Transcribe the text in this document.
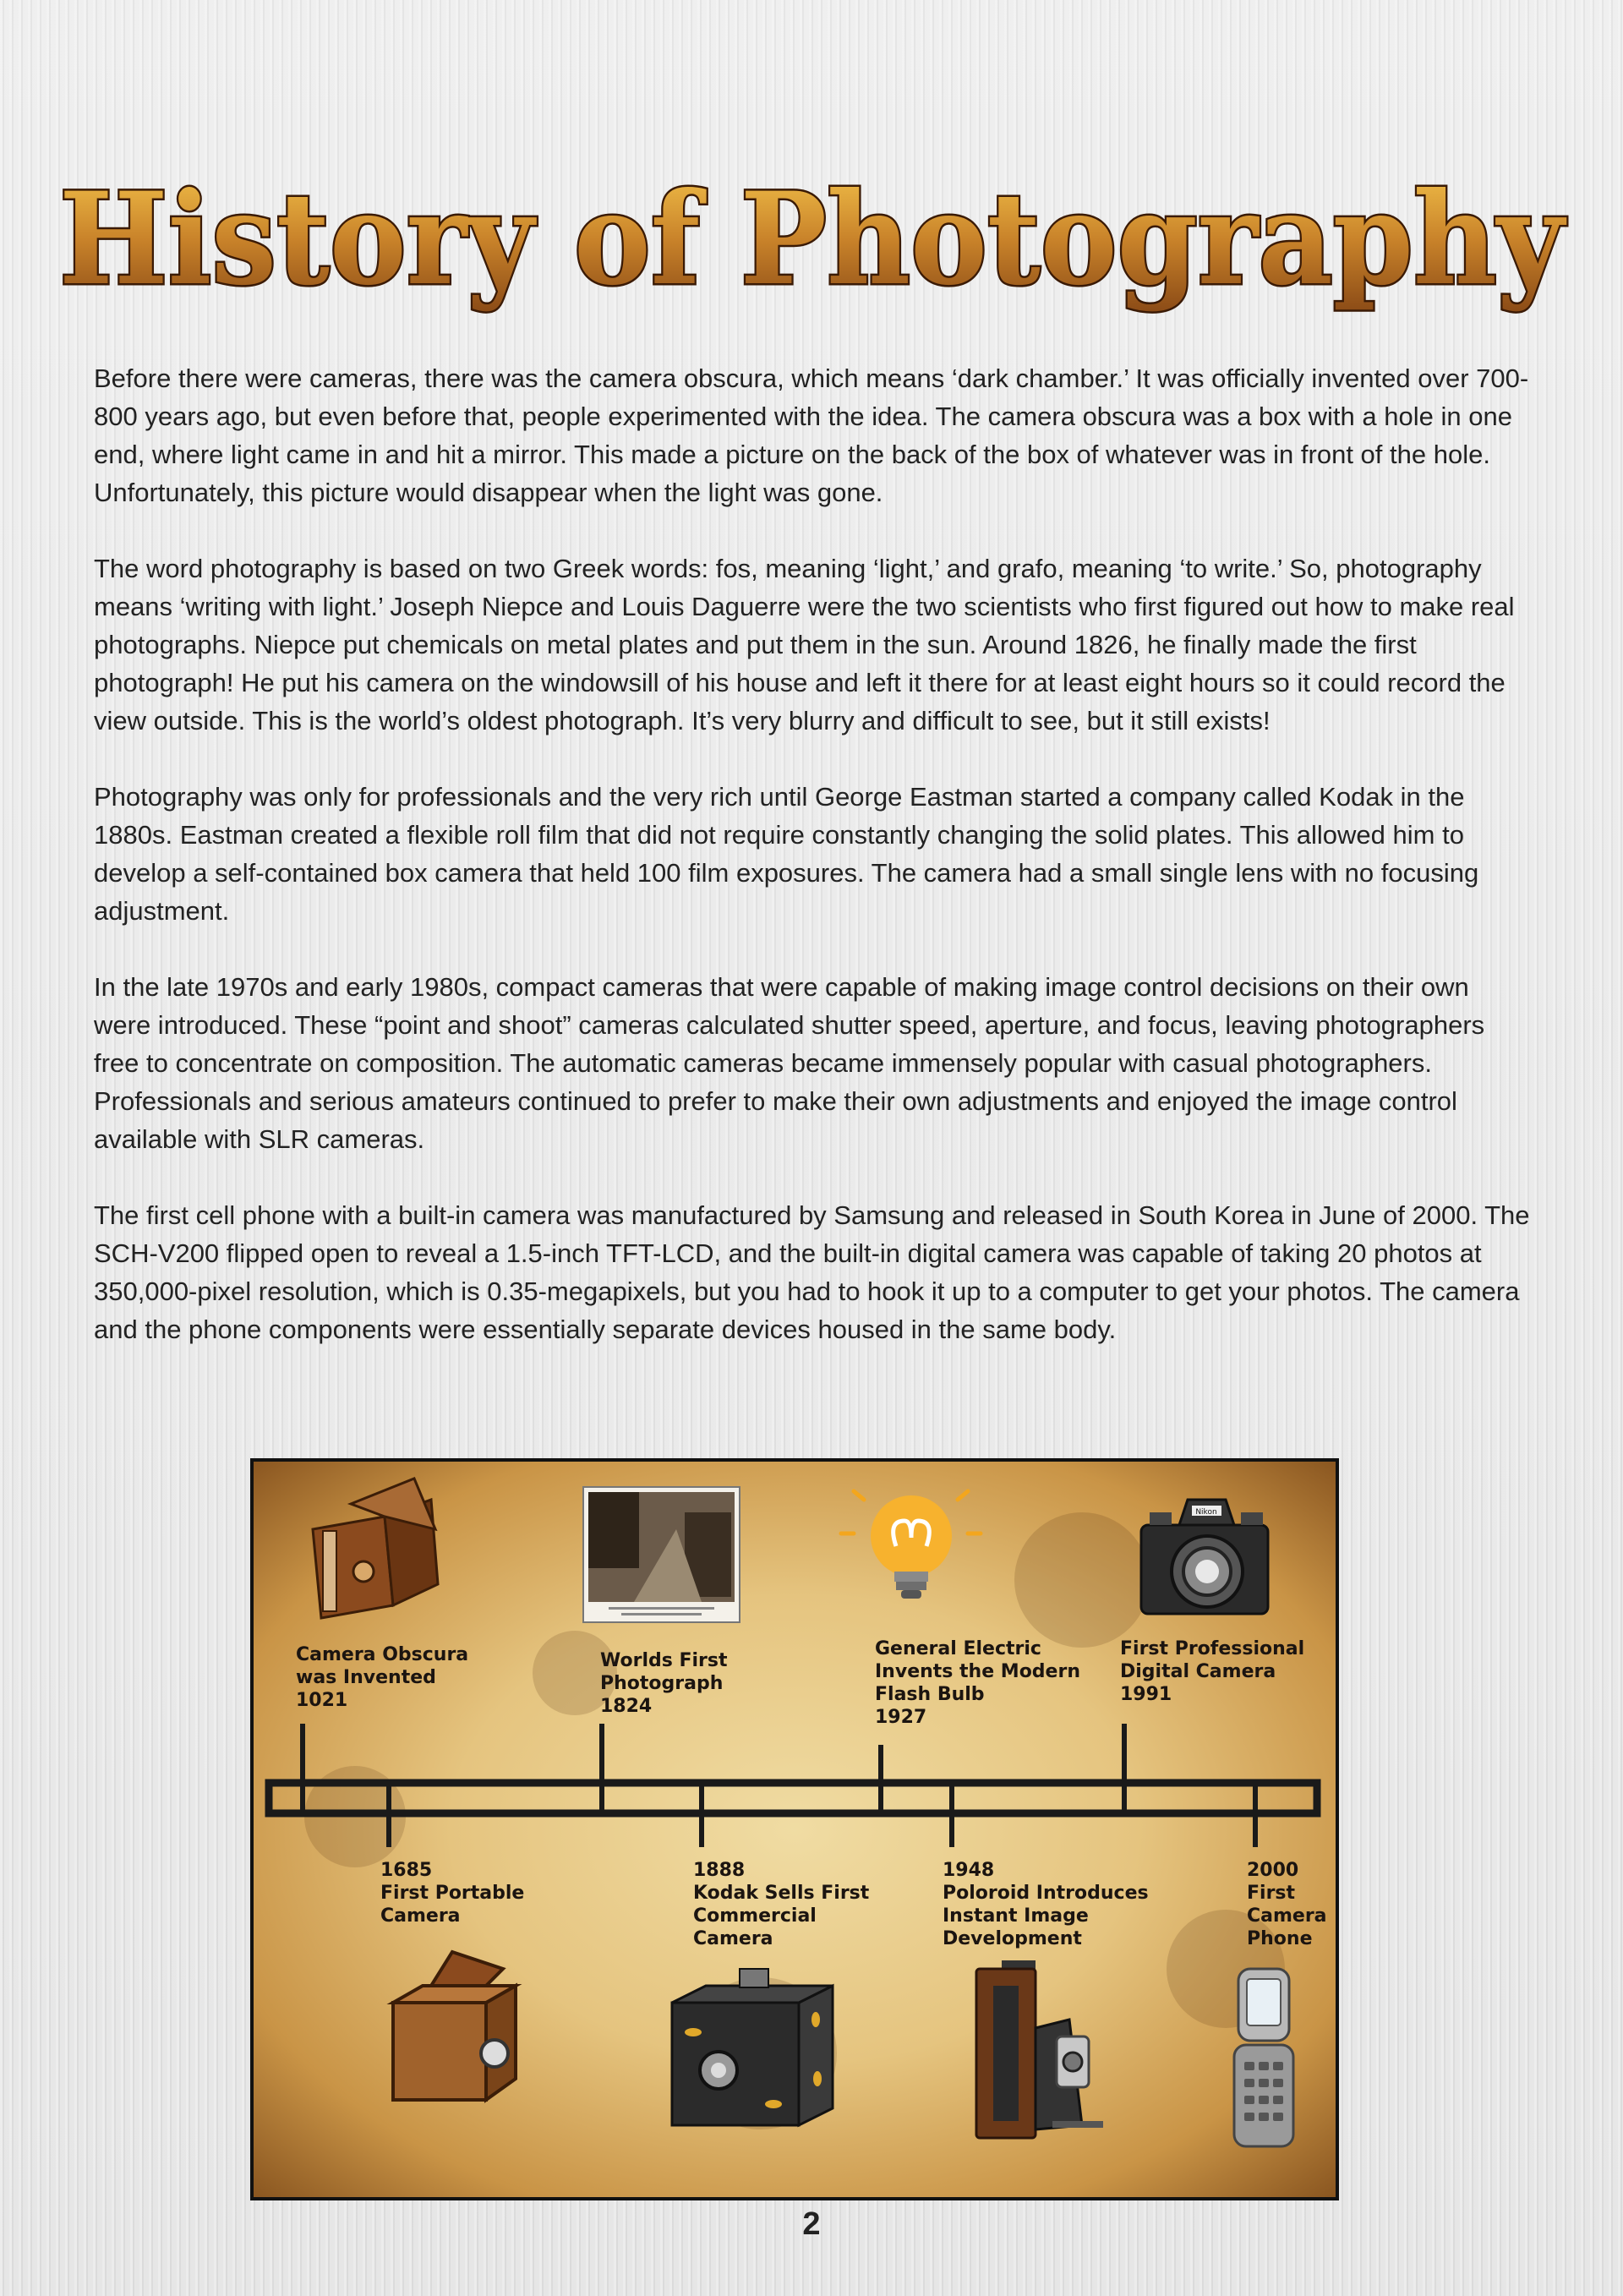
History of Photography

Before there were cameras, there was the camera obscura, which means ‘dark chamber.’ It was officially invented over 700-800 years ago, but even before that, people experimented with the idea. The camera obscura was a box with a hole in one end, where light came in and hit a mirror. This made a picture on the back of the box of whatever was in front of the hole. Unfortunately, this picture would disappear when the light was gone.

The word photography is based on two Greek words: fos, meaning ‘light,’ and grafo, meaning ‘to write.’ So, photography means ‘writing with light.’ Joseph Niepce and Louis Daguerre were the two scientists who first figured out how to make real photographs. Niepce put chemicals on metal plates and put them in the sun. Around 1826, he finally made the first photograph! He put his camera on the windowsill of his house and left it there for at least eight hours so it could record the view outside. This is the world’s oldest photograph. It’s very blurry and difficult to see, but it still exists!

Photography was only for professionals and the very rich until George Eastman started a company called Kodak in the 1880s. Eastman created a flexible roll film that did not require constantly changing the solid plates. This allowed him to develop a self-contained box camera that held 100 film exposures. The camera had a small single lens with no focusing adjustment.

In the late 1970s and early 1980s, compact cameras that were capable of making image control decisions on their own were introduced. These “point and shoot” cameras calculated shutter speed, aperture, and focus, leaving photographers free to concentrate on composition. The automatic cameras became immensely popular with casual photographers. Professionals and serious amateurs continued to prefer to make their own adjustments and enjoyed the image control available with SLR cameras.

The first cell phone with a built-in camera was manufactured by Samsung and released in South Korea in June of 2000. The SCH-V200 flipped open to reveal a 1.5-inch TFT-LCD, and the built-in digital camera was capable of taking 20 photos at 350,000-pixel resolution, which is 0.35-megapixels, but you had to hook it up to a computer to get your photos. The camera and the phone components were essentially separate devices housed in the same body.

Nikon
Camera Obscura
was Invented
1021
Worlds First
Photograph
1824
General Electric
Invents the Modern
Flash Bulb
1927
First Professional
Digital Camera
1991
1685
First Portable
Camera
1888
Kodak Sells First
Commercial
Camera
1948
Poloroid Introduces
Instant Image
Development
2000
First
Camera
Phone
2
